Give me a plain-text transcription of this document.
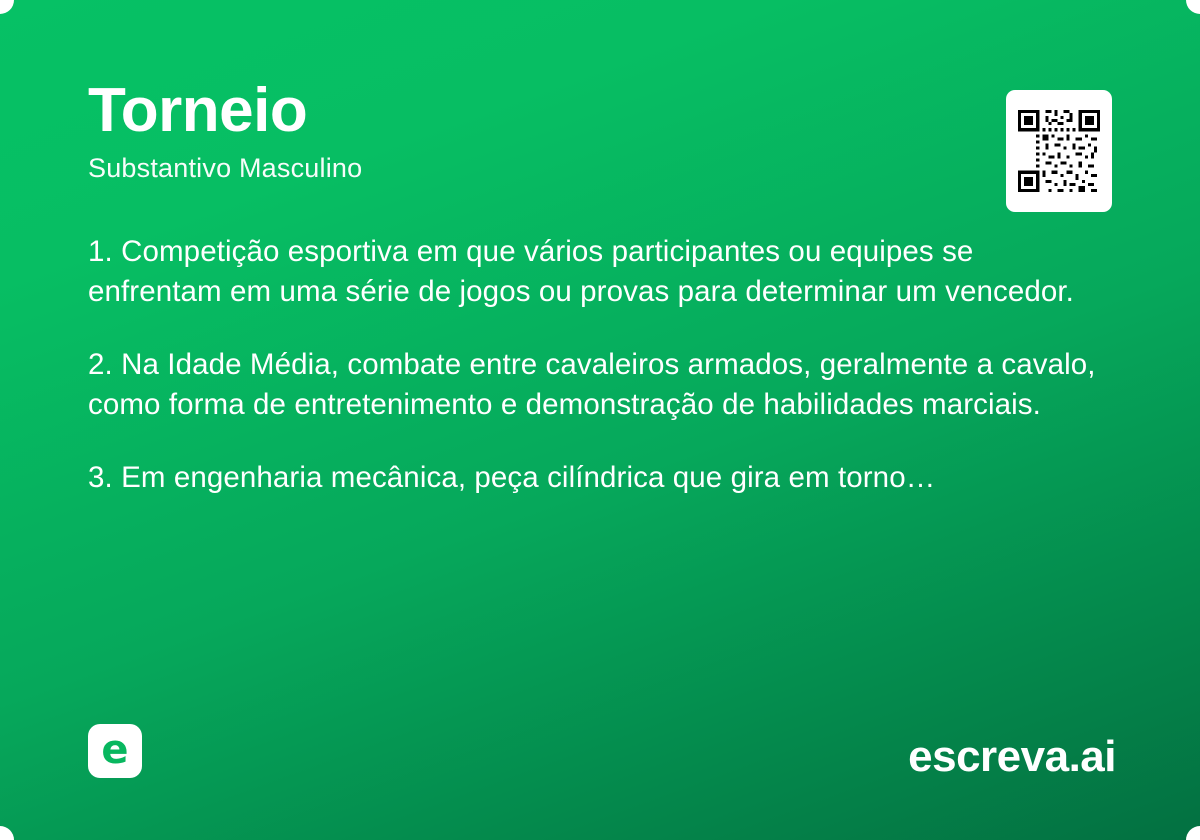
Torneio
Substantivo Masculino

1. Competição esportiva em que vários participantes ou equipes se enfrentam em uma série de jogos ou provas para determinar um vencedor.

2. Na Idade Média, combate entre cavaleiros armados, geralmente a cavalo, como forma de entretenimento e demonstração de habilidades marciais.

3. Em engenharia mecânica, peça cilíndrica que gira em torno…

e	escreva.ai
